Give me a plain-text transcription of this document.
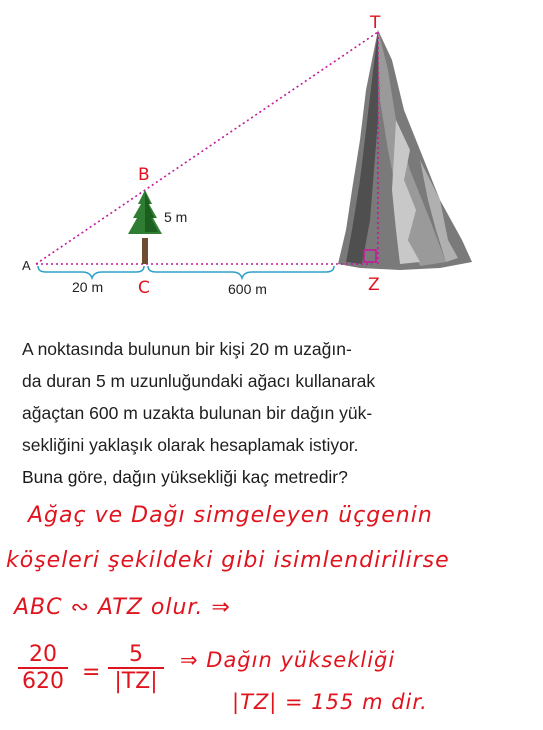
A
B
C
T
Z
5 m
20 m	600 m
A noktasında bulunun bir kişi 20 m uzağın-
da duran 5 m uzunluğundaki ağacı kullanarak
ağaçtan 600 m uzakta bulunan bir dağın yük-
sekliğini yaklaşık olarak hesaplamak istiyor.
Buna göre, dağın yüksekliği kaç metredir?
Ağaç ve Dağı simgeleyen üçgenin
köşeleri şekildeki gibi isimlendirilirse
ABC ∾ ATZ olur. ⇒
$\frac{20}{620} = \frac{5}{|TZ|}$ ⇒ Dağın yüksekliği
|TZ| = 155 m dir.
